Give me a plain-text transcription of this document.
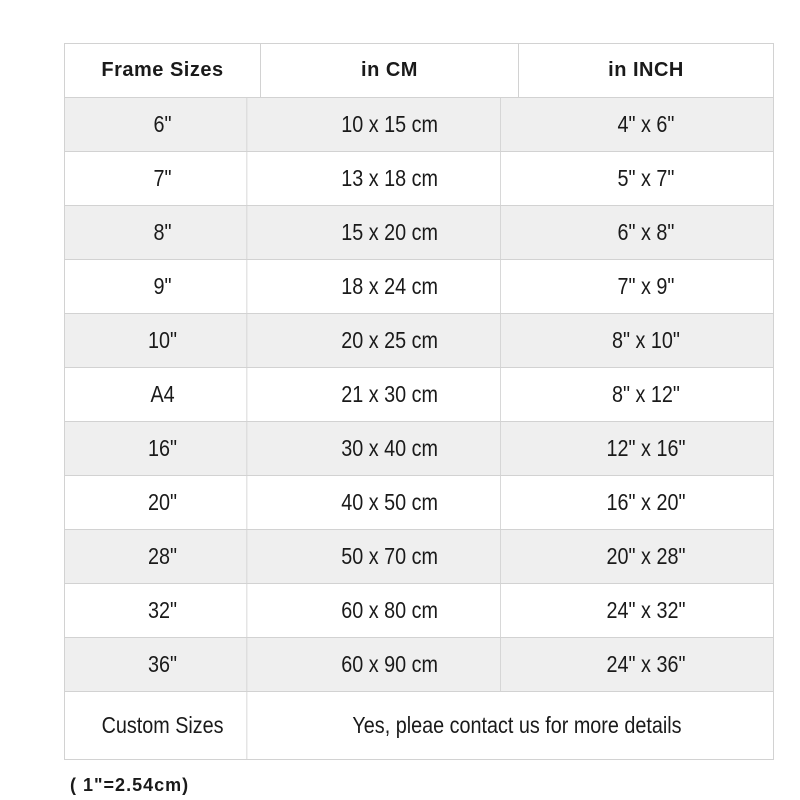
Frame Sizes	in CM	in INCH
6"	10 x 15 cm	4" x 6"
7"	13 x 18 cm	5" x 7"
8"	15 x 20 cm	6" x 8"
9"	18 x 24 cm	7" x 9"
10"	20 x 25 cm	8" x 10"
A4	21 x 30 cm	8" x 12"
16"	30 x 40 cm	12" x 16"
20"	40 x 50 cm	16" x 20"
28"	50 x 70 cm	20" x 28"
32"	60 x 80 cm	24" x 32"
36"	60 x 90 cm	24" x 36"
Custom Sizes	Yes, pleae contact us for more details
( 1"=2.54cm)
